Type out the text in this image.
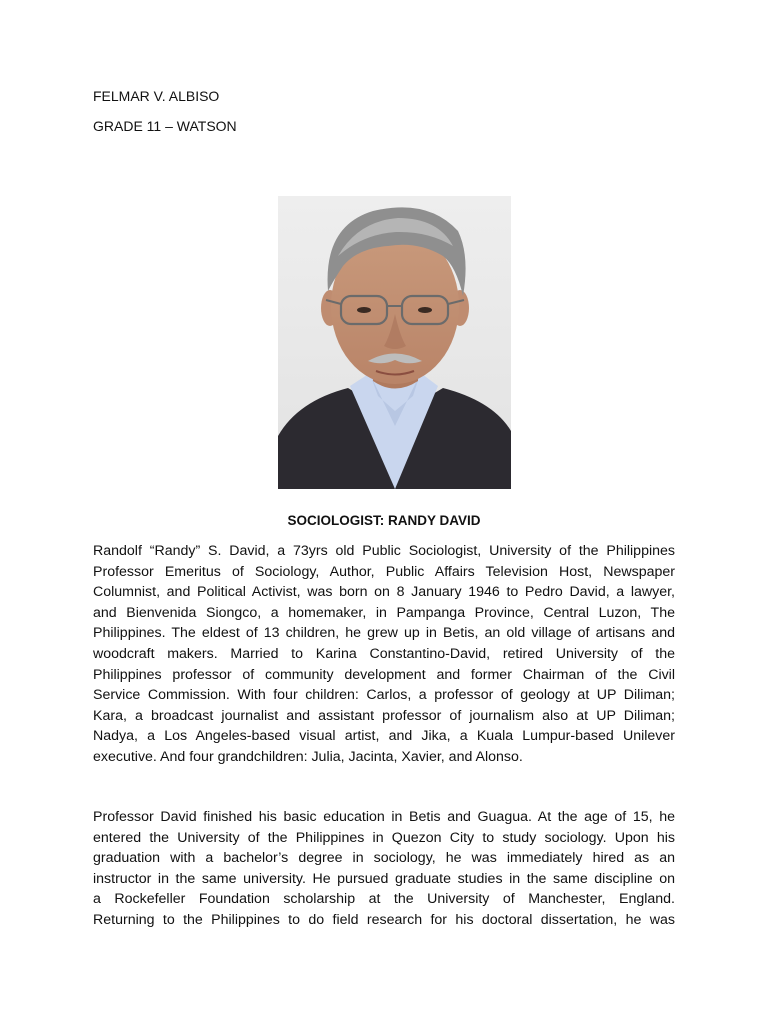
FELMAR V. ALBISO
GRADE 11 – WATSON
SOCIOLOGIST: RANDY DAVID
Randolf “Randy” S. David, a 73yrs old Public Sociologist, University of the Philippines
Professor Emeritus of Sociology, Author, Public Affairs Television Host, Newspaper
Columnist, and Political Activist, was born on 8 January 1946 to Pedro David, a lawyer,
and Bienvenida Siongco, a homemaker, in Pampanga Province, Central Luzon, The
Philippines. The eldest of 13 children, he grew up in Betis, an old village of artisans and
woodcraft makers. Married to Karina Constantino-David, retired University of the
Philippines professor of community development and former Chairman of the Civil
Service Commission. With four children: Carlos, a professor of geology at UP Diliman;
Kara, a broadcast journalist and assistant professor of journalism also at UP Diliman;
Nadya, a Los Angeles-based visual artist, and Jika, a Kuala Lumpur-based Unilever
executive. And four grandchildren: Julia, Jacinta, Xavier, and Alonso.
Professor David finished his basic education in Betis and Guagua. At the age of 15, he
entered the University of the Philippines in Quezon City to study sociology. Upon his
graduation with a bachelor’s degree in sociology, he was immediately hired as an
instructor in the same university. He pursued graduate studies in the same discipline on
a Rockefeller Foundation scholarship at the University of Manchester, England.
Returning to the Philippines to do field research for his doctoral dissertation, he was
